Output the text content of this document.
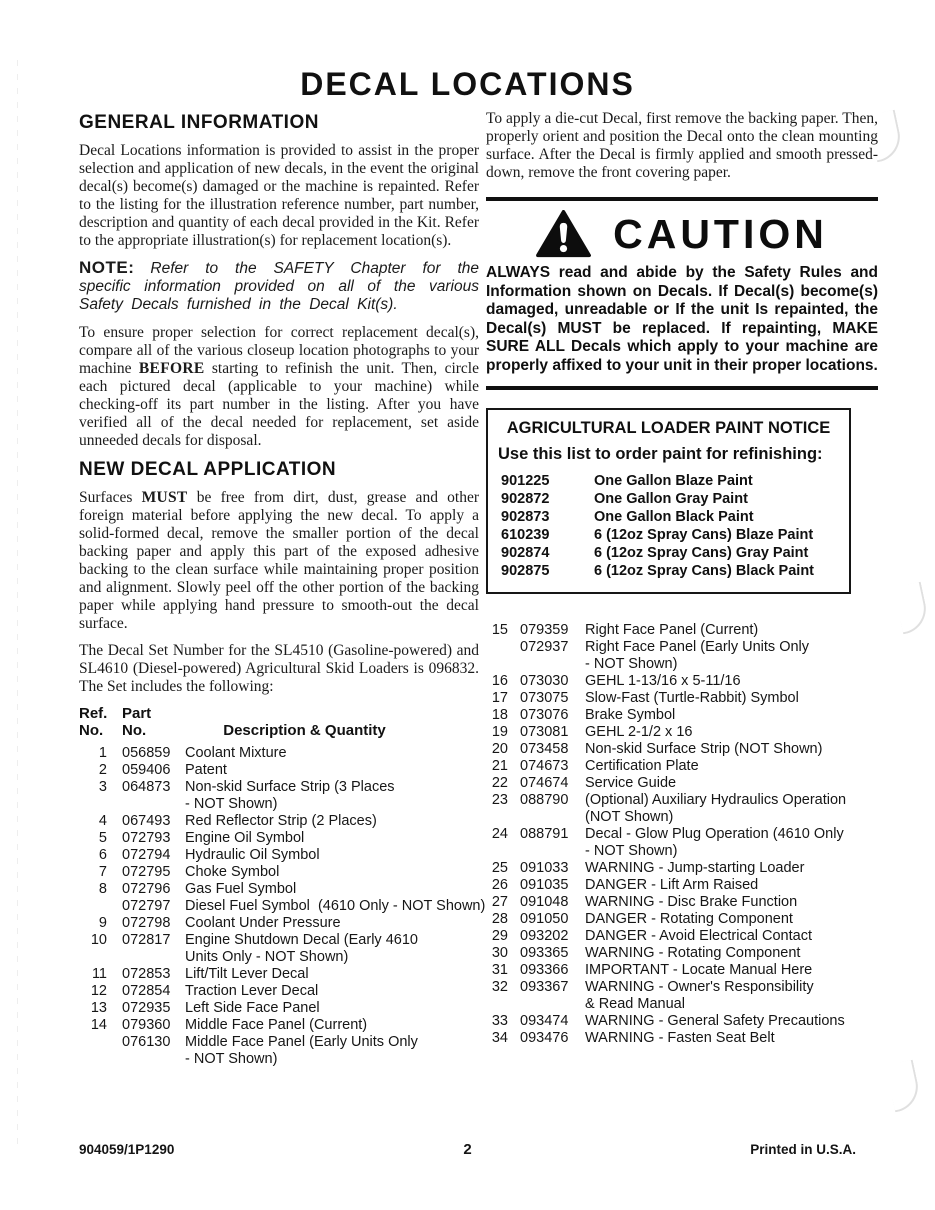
DECAL LOCATIONS
GENERAL INFORMATION

Decal Locations information is provided to assist in the proper selection and application of new decals, in the event the original decal(s) become(s) damaged or the machine is repainted. Refer to the listing for the illustration reference number, part number, description and quantity of each decal provided in the Kit. Refer to the appropriate illustration(s) for replacement location(s).

NOTE: Refer to the SAFETY Chapter for the specific information provided on all of the various Safety Decals furnished in the Decal Kit(s).

To ensure proper selection for correct replacement decal(s), compare all of the various closeup location photographs to your machine BEFORE starting to refinish the unit. Then, circle each pictured decal (applicable to your machine) while checking-off its part number in the listing. After you have verified all of the decal needed for replacement, set aside unneeded decals for disposal.

NEW DECAL APPLICATION

Surfaces MUST be free from dirt, dust, grease and other foreign material before applying the new decal. To apply a solid-formed decal, remove the smaller portion of the decal backing paper and apply this part of the exposed adhesive backing to the clean surface while maintaining proper position and alignment. Slowly peel off the other portion of the backing paper while applying hand pressure to smooth-out the decal surface.

The Decal Set Number for the SL4510 (Gasoline-powered) and SL4610 (Diesel-powered) Agricultural Skid Loaders is 096832. The Set includes the following:

Ref.
No.
Part
No.	Description & Quantity
1 056859 Coolant Mixture
2 059406 Patent
3 064873 Non-skid Surface Strip (3 Places
- NOT Shown)
4 067493 Red Reflector Strip (2 Places)
5 072793 Engine Oil Symbol
6 072794 Hydraulic Oil Symbol
7 072795 Choke Symbol
8 072796 Gas Fuel Symbol
072797 Diesel Fuel Symbol  (4610 Only - NOT Shown)
9 072798 Coolant Under Pressure
10 072817 Engine Shutdown Decal (Early 4610
Units Only - NOT Shown)
11 072853 Lift/Tilt Lever Decal
12 072854 Traction Lever Decal
13 072935 Left Side Face Panel
14 079360 Middle Face Panel (Current)
076130 Middle Face Panel (Early Units Only
- NOT Shown)

To apply a die-cut Decal, first remove the backing paper. Then, properly orient and position the Decal onto the clean mounting surface. After the Decal is firmly applied and smooth pressed-down, remove the front covering paper.

CAUTION

ALWAYS read and abide by the Safety Rules and Information shown on Decals. If Decal(s) become(s) damaged, unreadable or If the unit Is repainted, the Decal(s) MUST be replaced. If repainting, MAKE SURE ALL Decals which apply to your machine are properly affixed to your unit in their proper locations.

AGRICULTURAL LOADER PAINT NOTICE
Use this list to order paint for refinishing:
901225	One Gallon Blaze Paint
902872	One Gallon Gray Paint
902873	One Gallon Black Paint
610239	6 (12oz Spray Cans) Blaze Paint
902874	6 (12oz Spray Cans) Gray Paint
902875	6 (12oz Spray Cans) Black Paint
15 079359 Right Face Panel (Current)
072937 Right Face Panel (Early Units Only
- NOT Shown)
16 073030 GEHL 1-13/16 x 5-11/16
17 073075 Slow-Fast (Turtle-Rabbit) Symbol
18 073076 Brake Symbol
19 073081 GEHL 2-1/2 x 16
20 073458 Non-skid Surface Strip (NOT Shown)
21 074673 Certification Plate
22 074674 Service Guide
23 088790 (Optional) Auxiliary Hydraulics Operation
(NOT Shown)
24 088791 Decal - Glow Plug Operation (4610 Only
- NOT Shown)
25 091033 WARNING - Jump-starting Loader
26 091035 DANGER - Lift Arm Raised
27 091048 WARNING - Disc Brake Function
28 091050 DANGER - Rotating Component
29 093202 DANGER - Avoid Electrical Contact
30 093365 WARNING - Rotating Component
31 093366 IMPORTANT - Locate Manual Here
32 093367 WARNING - Owner's Responsibility
& Read Manual
33 093474 WARNING - General Safety Precautions
34 093476 WARNING - Fasten Seat Belt
904059/1P1290	2	Printed in U.S.A.
